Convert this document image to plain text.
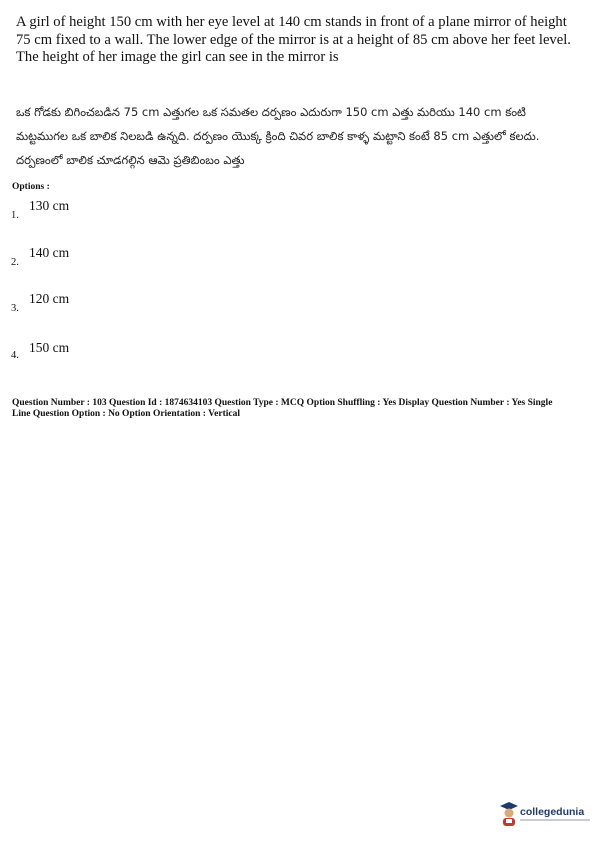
A girl of height 150 cm with her eye level at 140 cm stands in front of a plane mirror of height 75 cm fixed to a wall. The lower edge of the mirror is at a height of 85 cm above her feet level. The height of her image the girl can see in the mirror is
ఒక గోడకు బిగించబడిన 75 cm ఎత్తుగల ఒక సమతల దర్పణం ఎదురుగా 150 cm ఎత్తు మరియు 140 cm కంటి మట్టముగల ఒక బాలిక నిలబడి ఉన్నది. దర్పణం యొక్క క్రింది చివర బాలిక కాళ్ళ మట్టాని కంటే 85 cm ఎత్తులో కలదు. దర్పణంలో బాలిక చూడగల్గిన ఆమె ప్రతిబింబం ఎత్తు
Options :
1.
130 cm
2.
140 cm
3.
120 cm
4.
150 cm
Question Number : 103 Question Id : 1874634103 Question Type : MCQ Option Shuffling : Yes Display Question Number : Yes Single Line Question Option : No Option Orientation : Vertical
collegedunia
